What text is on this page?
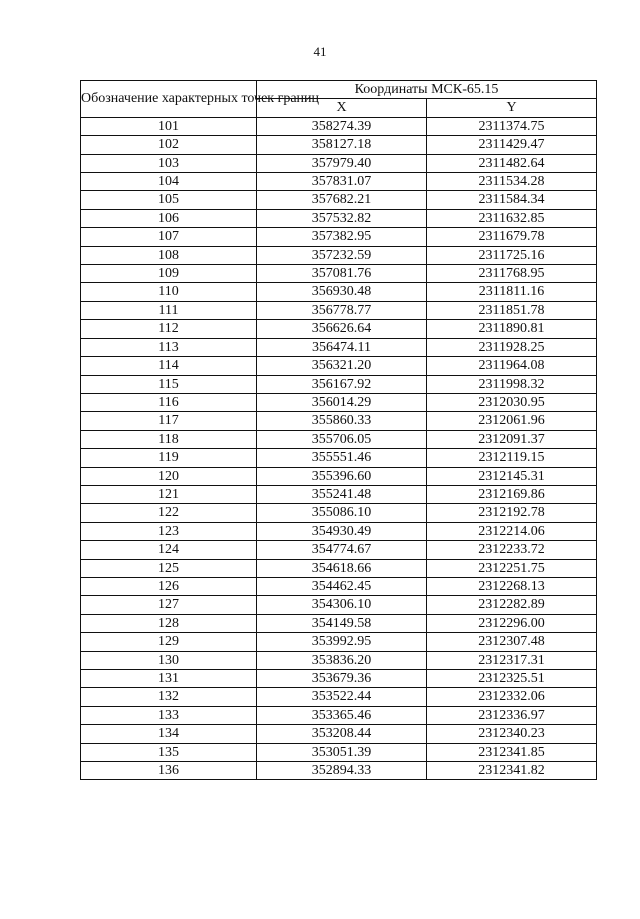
41
Обозначение характерных точек границ	Координаты МСК-65.15	
	X	Y
101	358274.39	2311374.75
102	358127.18	2311429.47
103	357979.40	2311482.64
104	357831.07	2311534.28
105	357682.21	2311584.34
106	357532.82	2311632.85
107	357382.95	2311679.78
108	357232.59	2311725.16
109	357081.76	2311768.95
110	356930.48	2311811.16
111	356778.77	2311851.78
112	356626.64	2311890.81
113	356474.11	2311928.25
114	356321.20	2311964.08
115	356167.92	2311998.32
116	356014.29	2312030.95
117	355860.33	2312061.96
118	355706.05	2312091.37
119	355551.46	2312119.15
120	355396.60	2312145.31
121	355241.48	2312169.86
122	355086.10	2312192.78
123	354930.49	2312214.06
124	354774.67	2312233.72
125	354618.66	2312251.75
126	354462.45	2312268.13
127	354306.10	2312282.89
128	354149.58	2312296.00
129	353992.95	2312307.48
130	353836.20	2312317.31
131	353679.36	2312325.51
132	353522.44	2312332.06
133	353365.46	2312336.97
134	353208.44	2312340.23
135	353051.39	2312341.85
136	352894.33	2312341.82
